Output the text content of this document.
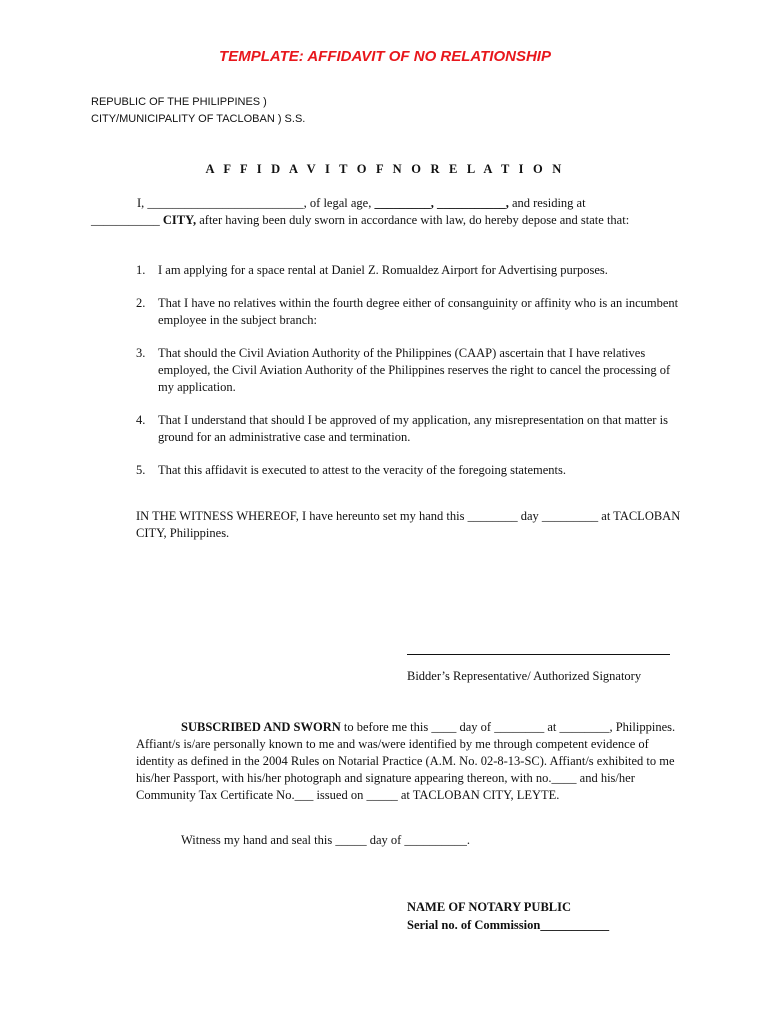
TEMPLATE: AFFIDAVIT OF NO RELATIONSHIP
REPUBLIC OF THE PHILIPPINES )
CITY/MUNICIPALITY OF TACLOBAN ) S.S.
A F F I D A V I T O F N O R E L A T I O N
I, _________________________, of legal age, _________, ___________, and residing at
___________ CITY, after having been duly sworn in accordance with law, do hereby depose and state that:
1. I am applying for a space rental at Daniel Z. Romualdez Airport for Advertising purposes.
2. That I have no relatives within the fourth degree either of consanguinity or affinity who is an incumbent employee in the subject branch:
3. That should the Civil Aviation Authority of the Philippines (CAAP) ascertain that I have relatives employed, the Civil Aviation Authority of the Philippines reserves the right to cancel the processing of my application.
4. That I understand that should I be approved of my application, any misrepresentation on that matter is ground for an administrative case and termination.
5. That this affidavit is executed to attest to the veracity of the foregoing statements.
IN THE WITNESS WHEREOF, I have hereunto set my hand this ________ day _________ at TACLOBAN CITY, Philippines.
Bidder’s Representative/ Authorized Signatory
SUBSCRIBED AND SWORN to before me this ____ day of ________ at ________, Philippines. Affiant/s is/are personally known to me and was/were identified by me through competent evidence of identity as defined in the 2004 Rules on Notarial Practice (A.M. No. 02-8-13-SC). Affiant/s exhibited to me his/her Passport, with his/her photograph and signature appearing thereon, with no.____ and his/her Community Tax Certificate No.___ issued on _____ at TACLOBAN CITY, LEYTE.
Witness my hand and seal this _____ day of __________.
NAME OF NOTARY PUBLIC
Serial no. of Commission___________
